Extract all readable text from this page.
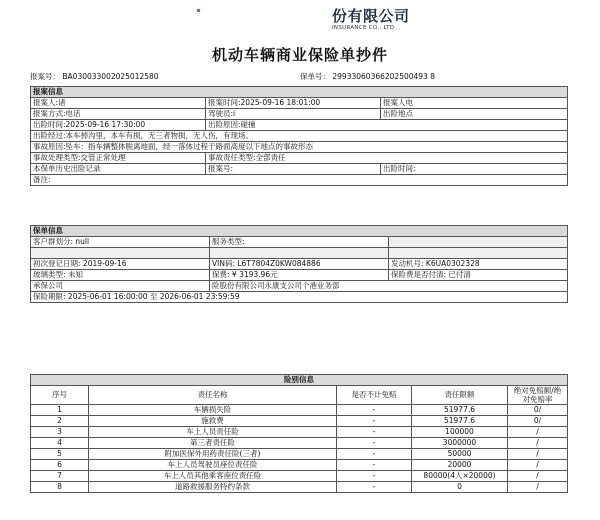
份有限公司
INSURANCE CO., LTD
机动车辆商业保险单抄件
报案号： BA030033002025012580	保单号： 29933060366202500493 8
报案信息		
报案人:诸	报案时间:2025-09-16 18:01:00	报案人电
报案方式:电话	驾驶员:i	出险地点
出险时间:2025-09-16 17:30:00	出险原因:碰撞	
出险经过:本车掉沟里，本车有损，无三者物损，无人伤，有现场。		
事故原因:坠车：指车辆整体脱离地面，经一落体过程于路面高度以下地点的事故形态		
事故处理类型:交管正常处理	事故责任类型:全部责任	
本保单历史出险记录	报案号:	出险时间:
备注:		
保单信息		
客户群划分: null	服务类型:	

初次登记日期: 2019-09-16	VIN码: L6T7804Z0KW084886	发动机号: K6UA0302328
玻璃类型: 未知	保费: ¥ 3193.96元	保险费是否付清: 已付清
承保公司	险股份有限公司永康支公司个港业务部	
保险期限: 2025-06-01 16:00:00 至 2026-06-01 23:59:59		
险别信息				
序号	责任名称	是否不计免赔	责任限额	绝对免赔额/绝对免赔率
1	车辆损失险	-	51977.6	0/
2	施救费	-	51977.6	0/
3	车上人员责任险	-	100000	/
4	第三者责任险	-	3000000	/
5	附加医保外用药责任险(三者)	-	50000	/
6	车上人员驾驶员座位责任险	-	20000	/
7	车上人员其他乘客座位责任险	-	80000(4人×20000)	/
8	道路救援服务特约条款	-	0	/
